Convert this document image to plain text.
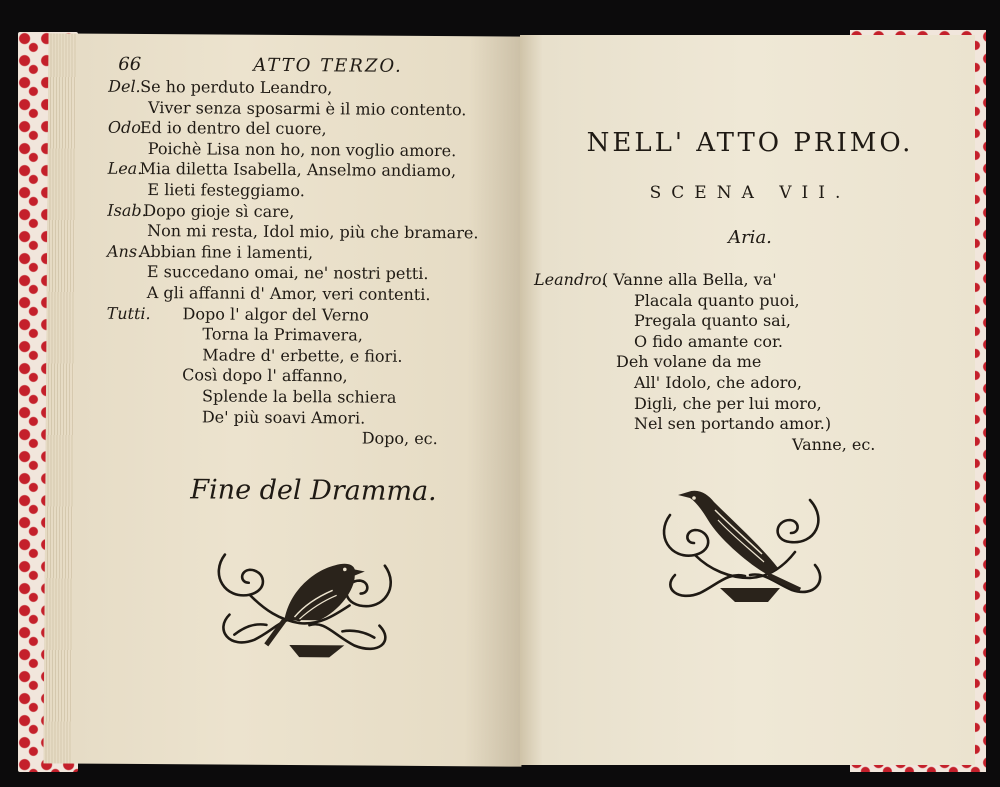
66	ATTO TERZO.
Del. Se ho perduto Leandro,
Viver senza sposarmi è il mio contento.
Odo.
Ed io dentro del cuore,
Poichè Lisa non ho, non voglio amore.
Lea.
Mia diletta Isabella, Anselmo andiamo,
E lieti festeggiamo.
Isab.
Dopo gioje sì care,
Non mi resta, Idol mio, più che bramare.
Ans.
Abbian fine i lamenti,
E succedano omai, ne' nostri petti.
A gli affanni d' Amor, veri contenti.
Tutti. Dopo l' algor del Verno
Torna la Primavera,
Madre d' erbette, e fiori.
Così dopo l' affanno,
Splende la bella schiera
De' più soavi Amori.
Dopo, ec.
Fine del Dramma.
NELL' ATTO PRIMO.
SCENA VII.
Aria.
Leandro.
( Vanne alla Bella, va'
Placala quanto puoi,
Pregala quanto sai,
O fido amante cor.
Deh volane da me
All' Idolo, che adoro,
Digli, che per lui moro,
Nel sen portando amor.)
Vanne, ec.
